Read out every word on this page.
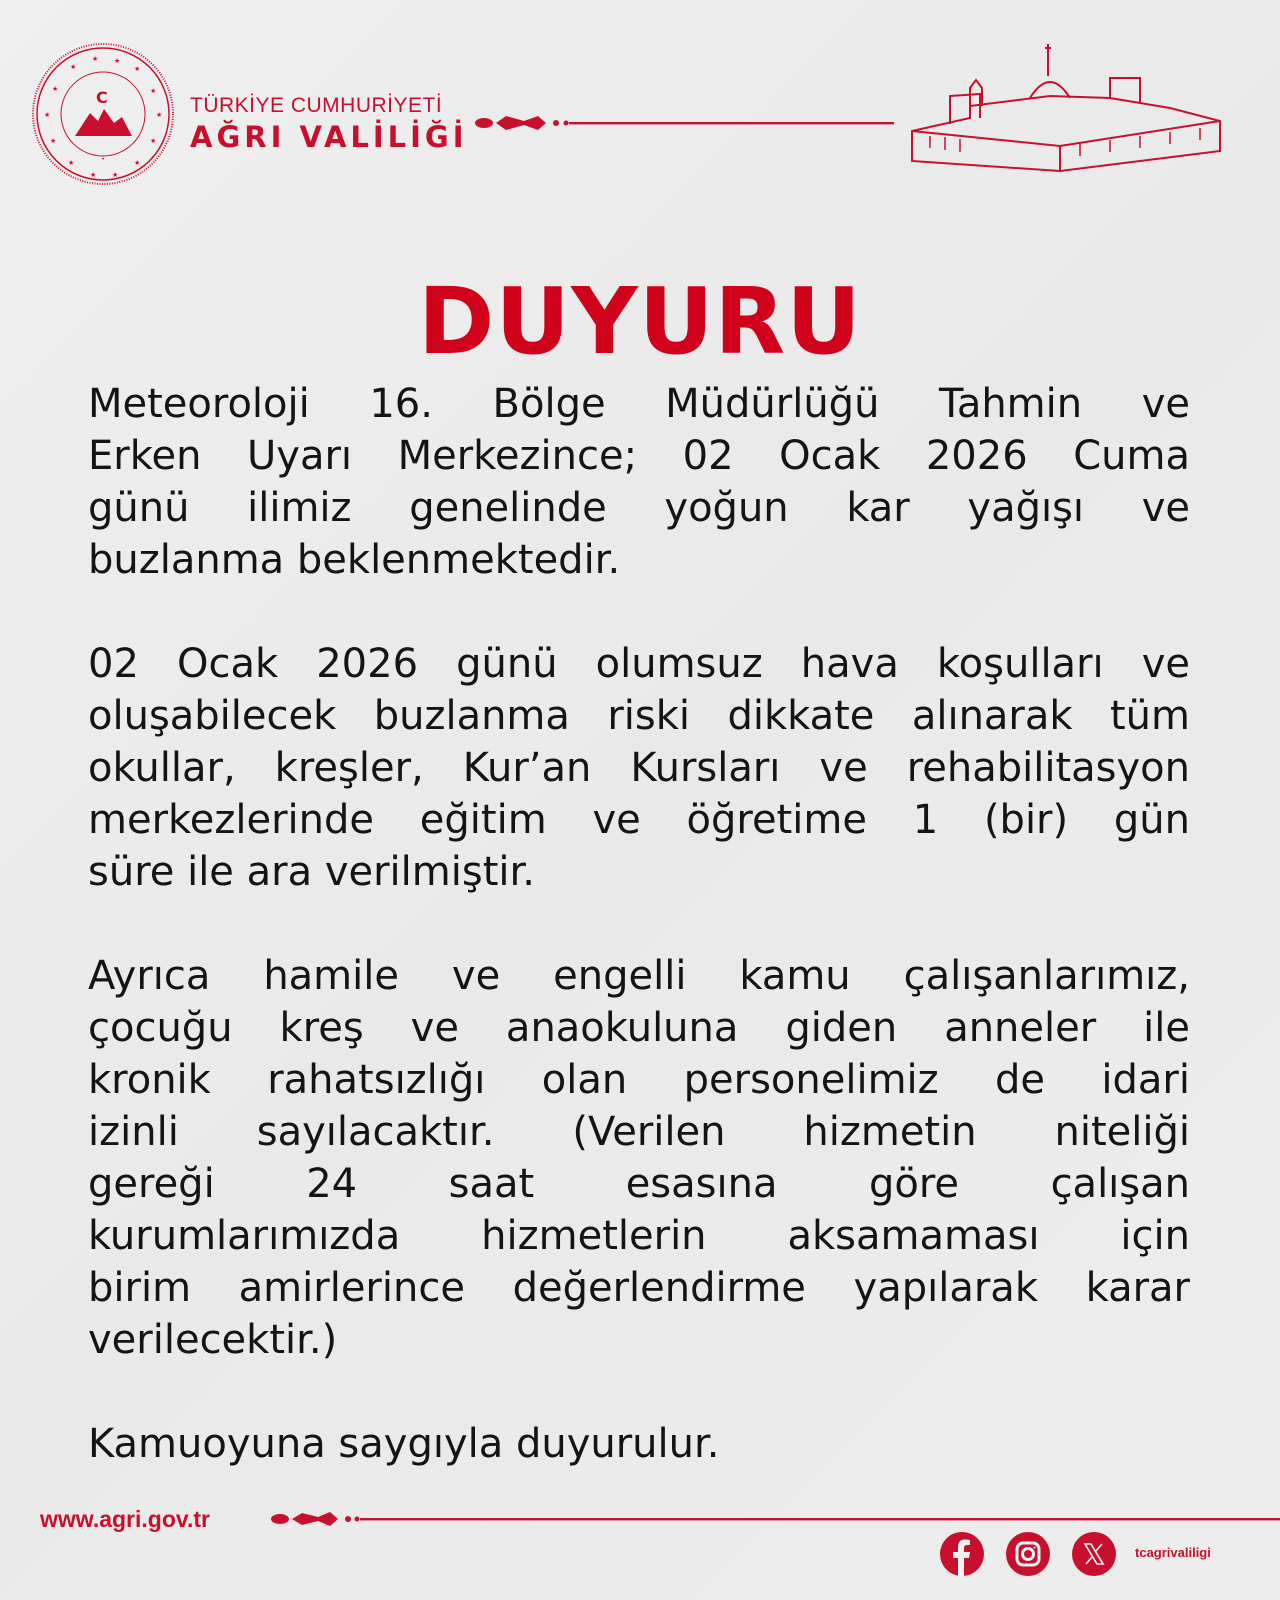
★ ★
★	★
★	★
★	★
★	★
★	★
★ ★
C
•
TÜRKİYE CUMHURİYETİ
AĞRI VALİLİĞİ
DUYURU

Meteoroloji 16. Bölge Müdürlüğü Tahmin ve
Erken Uyarı Merkezince; 02 Ocak 2026 Cuma
günü ilimiz genelinde yoğun kar yağışı ve
buzlanma beklenmektedir.

02 Ocak 2026 günü olumsuz hava koşulları ve
oluşabilecek buzlanma riski dikkate alınarak tüm
okullar, kreşler, Kur’an Kursları ve rehabilitasyon
merkezlerinde eğitim ve öğretime 1 (bir) gün
süre ile ara verilmiştir.

Ayrıca hamile ve engelli kamu çalışanlarımız,
çocuğu kreş ve anaokuluna giden anneler ile
kronik rahatsızlığı olan personelimiz de idari
izinli sayılacaktır. (Verilen hizmetin niteliği
gereği 24 saat esasına göre çalışan
kurumlarımızda hizmetlerin aksamaması için
birim amirlerince değerlendirme yapılarak karar
verilecektir.)

Kamuoyuna saygıyla duyurulur.

www.agri.gov.tr
tcagrivaliligi
